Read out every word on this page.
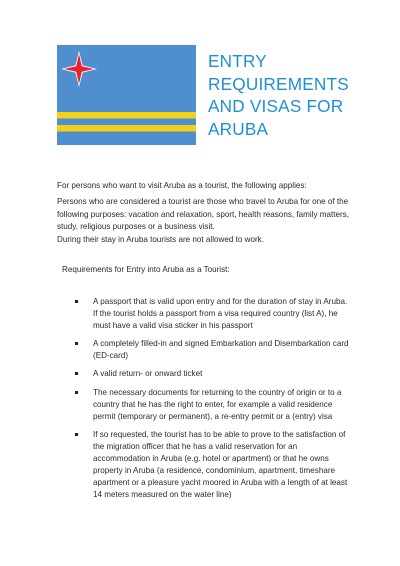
ENTRY
REQUIREMENTS
AND VISAS FOR
ARUBA
For persons who want to visit Aruba as a tourist, the following applies:
Persons who are considered a tourist are those who travel to Aruba for one of the following purposes: vacation and relaxation, sport, health reasons, family matters, study, religious purposes or a business visit.
During their stay in Aruba tourists are not allowed to work.
Requirements for Entry into Aruba as a Tourist:
A passport that is valid upon entry and for the duration of stay in Aruba. If the tourist holds a passport from a visa required country (list A), he must have a valid visa sticker in his passport
A completely filled-in and signed Embarkation and Disembarkation card (ED-card)
A valid return- or onward ticket
The necessary documents for returning to the country of origin or to a country that he has the right to enter, for example a valid residence permit (temporary or permanent), a re-entry permit or a (entry) visa
If so requested, the tourist has to be able to prove to the satisfaction of the migration officer that he has a valid reservation for an accommodation in Aruba (e.g. hotel or apartment) or that he owns property in Aruba (a residence, condominium, apartment, timeshare apartment or a pleasure yacht moored in Aruba with a length of at least 14 meters measured on the water line)
